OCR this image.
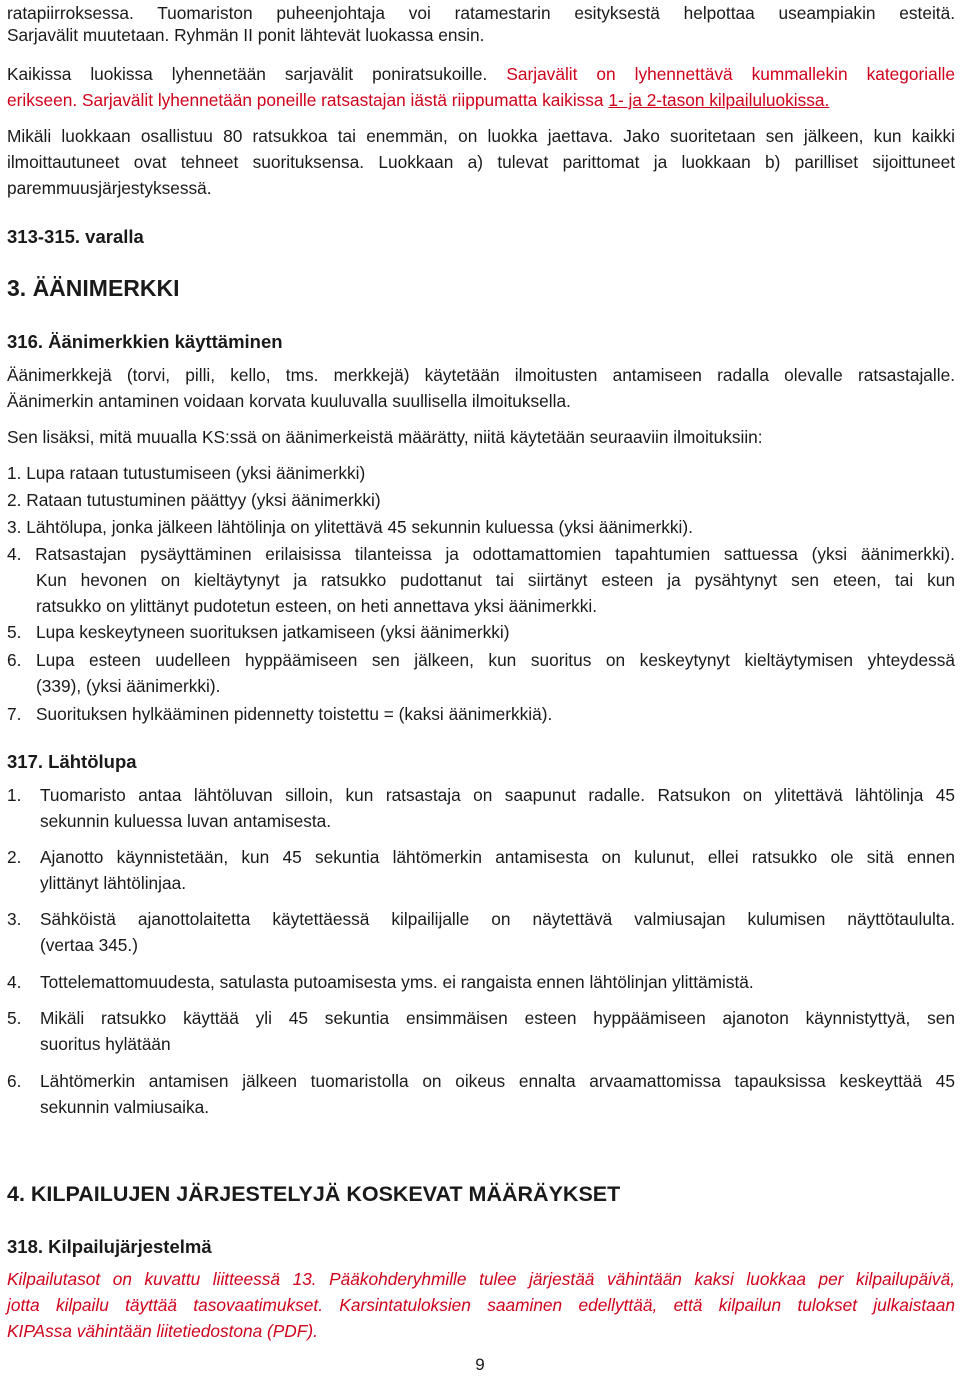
ratapiirroksessa. Tuomariston puheenjohtaja voi ratamestarin esityksestä helpottaa useampiakin esteitä.
Sarjavälit muutetaan. Ryhmän II ponit lähtevät luokassa ensin.
Kaikissa luokissa lyhennetään sarjavälit poniratsukoille. Sarjavälit on lyhennettävä kummallekin kategorialle
erikseen. Sarjavälit lyhennetään poneille ratsastajan iästä riippumatta kaikissa 1- ja 2-tason kilpailuluokissa.
Mikäli luokkaan osallistuu 80 ratsukkoa tai enemmän, on luokka jaettava. Jako suoritetaan sen jälkeen, kun kaikki
ilmoittautuneet ovat tehneet suorituksensa. Luokkaan a) tulevat parittomat ja luokkaan b) parilliset sijoittuneet
paremmuusjärjestyksessä.
313-315. varalla
3. ÄÄNIMERKKI
316. Äänimerkkien käyttäminen
Äänimerkkejä (torvi, pilli, kello, tms. merkkejä) käytetään ilmoitusten antamiseen radalla olevalle ratsastajalle.
Äänimerkin antaminen voidaan korvata kuuluvalla suullisella ilmoituksella.
Sen lisäksi, mitä muualla KS:ssä on äänimerkeistä määrätty, niitä käytetään seuraaviin ilmoituksiin:
1. Lupa rataan tutustumiseen (yksi äänimerkki)
2. Rataan tutustuminen päättyy (yksi äänimerkki)
3. Lähtölupa, jonka jälkeen lähtölinja on ylitettävä 45 sekunnin kuluessa (yksi äänimerkki).
4. Ratsastajan pysäyttäminen erilaisissa tilanteissa ja odottamattomien tapahtumien sattuessa (yksi äänimerkki).
Kun hevonen on kieltäytynyt ja ratsukko pudottanut tai siirtänyt esteen ja pysähtynyt sen eteen, tai kun
ratsukko on ylittänyt pudotetun esteen, on heti annettava yksi äänimerkki.
5. Lupa keskeytyneen suorituksen jatkamiseen (yksi äänimerkki)
6. Lupa esteen uudelleen hyppäämiseen sen jälkeen, kun suoritus on keskeytynyt kieltäytymisen yhteydessä
(339), (yksi äänimerkki).
7. Suorituksen hylkääminen pidennetty toistettu = (kaksi äänimerkkiä).
317. Lähtölupa
1. Tuomaristo antaa lähtöluvan silloin, kun ratsastaja on saapunut radalle. Ratsukon on ylitettävä lähtölinja 45
sekunnin kuluessa luvan antamisesta.
2. Ajanotto käynnistetään, kun 45 sekuntia lähtömerkin antamisesta on kulunut, ellei ratsukko ole sitä ennen
ylittänyt lähtölinjaa.
3. Sähköistä ajanottolaitetta käytettäessä kilpailijalle on näytettävä valmiusajan kulumisen näyttötaululta.
(vertaa 345.)
4. Tottelemattomuudesta, satulasta putoamisesta yms. ei rangaista ennen lähtölinjan ylittämistä.
5. Mikäli ratsukko käyttää yli 45 sekuntia ensimmäisen esteen hyppäämiseen ajanoton käynnistyttyä, sen
suoritus hylätään
6. Lähtömerkin antamisen jälkeen tuomaristolla on oikeus ennalta arvaamattomissa tapauksissa keskeyttää 45
sekunnin valmiusaika.
4. KILPAILUJEN JÄRJESTELYJÄ KOSKEVAT MÄÄRÄYKSET
318. Kilpailujärjestelmä
Kilpailutasot on kuvattu liitteessä 13. Pääkohderyhmille tulee järjestää vähintään kaksi luokkaa per kilpailupäivä,
jotta kilpailu täyttää tasovaatimukset. Karsintatuloksien saaminen edellyttää, että kilpailun tulokset julkaistaan
KIPAssa vähintään liitetiedostona (PDF).
9
